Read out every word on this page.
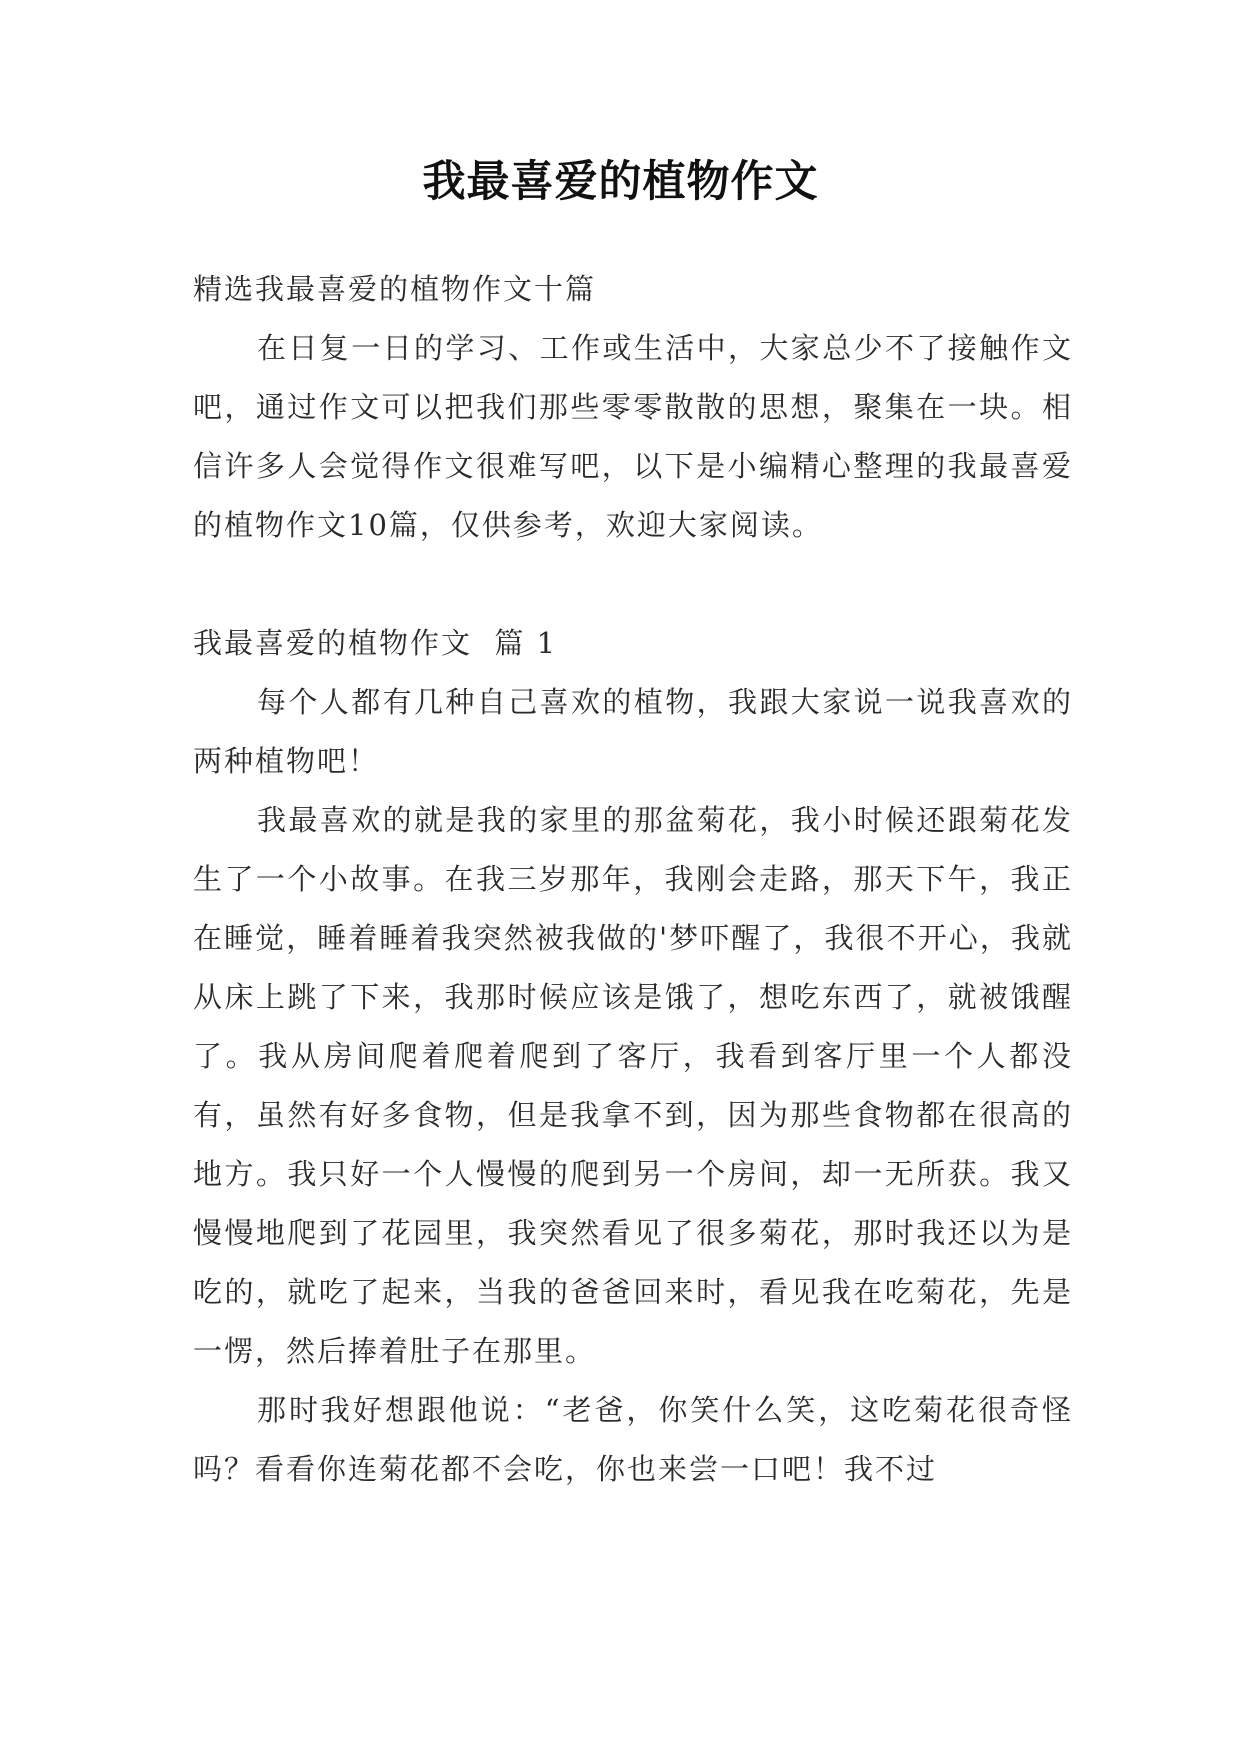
我最喜爱的植物作文

精选我最喜爱的植物作文十篇

在日复一日的学习、工作或生活中，大家总少不了接触作文吧，通过作文可以把我们那些零零散散的思想，聚集在一块。相信许多人会觉得作文很难写吧，以下是小编精心整理的我最喜爱的植物作文10篇，仅供参考，欢迎大家阅读。

我最喜爱的植物作文  篇 1

每个人都有几种自己喜欢的植物，我跟大家说一说我喜欢的两种植物吧！

我最喜欢的就是我的家里的那盆菊花，我小时候还跟菊花发生了一个小故事。在我三岁那年，我刚会走路，那天下午，我正在睡觉，睡着睡着我突然被我做的'梦吓醒了，我很不开心，我就从床上跳了下来，我那时候应该是饿了，想吃东西了，就被饿醒了。我从房间爬着爬着爬到了客厅，我看到客厅里一个人都没有，虽然有好多食物，但是我拿不到，因为那些食物都在很高的地方。我只好一个人慢慢的爬到另一个房间，却一无所获。我又慢慢地爬到了花园里，我突然看见了很多菊花，那时我还以为是吃的，就吃了起来，当我的爸爸回来时，看见我在吃菊花，先是一愣，然后捧着肚子在那里。

那时我好想跟他说：“老爸，你笑什么笑，这吃菊花很奇怪吗？看看你连菊花都不会吃，你也来尝一口吧！我不过
